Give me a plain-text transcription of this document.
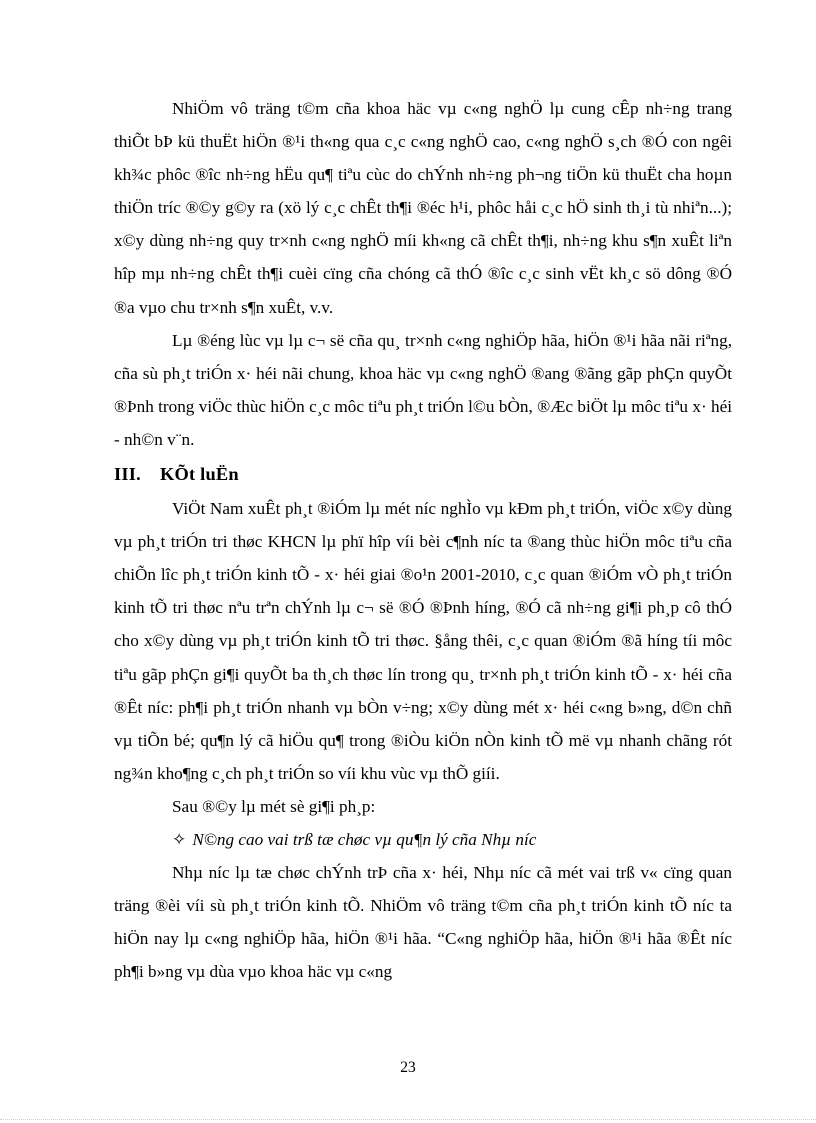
NhiÖm vô träng t©m cña khoa häc vµ c«ng nghÖ lµ cung cÊp nh÷ng trang thiÕt bÞ kü thuËt hiÖn ®¹i th«ng qua c¸c c«ng nghÖ cao, c«ng nghÖ s¸ch ®Ó con ngêi kh¾c phôc ®îc nh÷ng hËu qu¶ tiªu cùc do chÝnh nh÷ng ph¬ng tiÖn kü thuËt cha hoµn thiÖn tríc ®©y g©y ra (xö lý c¸c chÊt th¶i ®éc h¹i, phôc håi c¸c hÖ sinh th¸i tù nhiªn...); x©y dùng nh÷ng quy tr×nh c«ng nghÖ míi kh«ng cã chÊt th¶i, nh÷ng khu s¶n xuÊt liªn hîp mµ nh÷ng chÊt th¶i cuèi cïng cña chóng cã thÓ ®îc c¸c sinh vËt kh¸c sö dông ®Ó ®a vµo chu tr×nh s¶n xuÊt, v.v.

Lµ ®éng lùc vµ lµ c¬ së cña qu¸ tr×nh c«ng nghiÖp hãa, hiÖn ®¹i hãa nãi riªng, cña sù ph¸t triÓn x· héi nãi chung, khoa häc vµ c«ng nghÖ ®ang ®ãng gãp phÇn quyÕt ®Þnh trong viÖc thùc hiÖn c¸c môc tiªu ph¸t triÓn l©u bÒn, ®Æc biÖt lµ môc tiªu x· héi - nh©n v¨n.

III. KÕt luËn

ViÖt Nam xuÊt ph¸t ®iÓm lµ mét níc nghÌo vµ kÐm ph¸t triÓn, viÖc x©y dùng vµ ph¸t triÓn tri thøc KHCN lµ phï hîp víi bèi c¶nh níc ta ®ang thùc hiÖn môc tiªu cña chiÕn lîc ph¸t triÓn kinh tÕ - x· héi giai ®o¹n 2001-2010, c¸c quan ®iÓm vÒ ph¸t triÓn kinh tÕ tri thøc nªu trªn chÝnh lµ c¬ së ®Ó ®Þnh híng, ®Ó cã nh÷ng gi¶i ph¸p cô thÓ cho x©y dùng vµ ph¸t triÓn kinh tÕ tri thøc. §ång thêi, c¸c quan ®iÓm ®ã híng tíi môc tiªu gãp phÇn gi¶i quyÕt ba th¸ch thøc lín trong qu¸ tr×nh ph¸t triÓn kinh tÕ - x· héi cña ®Êt níc: ph¶i ph¸t triÓn nhanh vµ bÒn v÷ng; x©y dùng mét x· héi c«ng b»ng, d©n chñ vµ tiÕn bé; qu¶n lý cã hiÖu qu¶ trong ®iÒu kiÖn nÒn kinh tÕ më vµ nhanh chãng rót ng¾n kho¶ng c¸ch ph¸t triÓn so víi khu vùc vµ thÕ giíi.

Sau ®©y lµ mét sè gi¶i ph¸p:

✧ N©ng cao vai trß tæ chøc vµ qu¶n lý cña Nhµ níc

Nhµ níc lµ tæ chøc chÝnh trÞ cña x· héi, Nhµ níc cã mét vai trß v« cïng quan träng ®èi víi sù ph¸t triÓn kinh tÕ. NhiÖm vô träng t©m cña ph¸t triÓn kinh tÕ níc ta hiÖn nay lµ c«ng nghiÖp hãa, hiÖn ®¹i hãa. “C«ng nghiÖp hãa, hiÖn ®¹i hãa ®Êt níc ph¶i b»ng vµ dùa vµo khoa häc vµ c«ng

23
